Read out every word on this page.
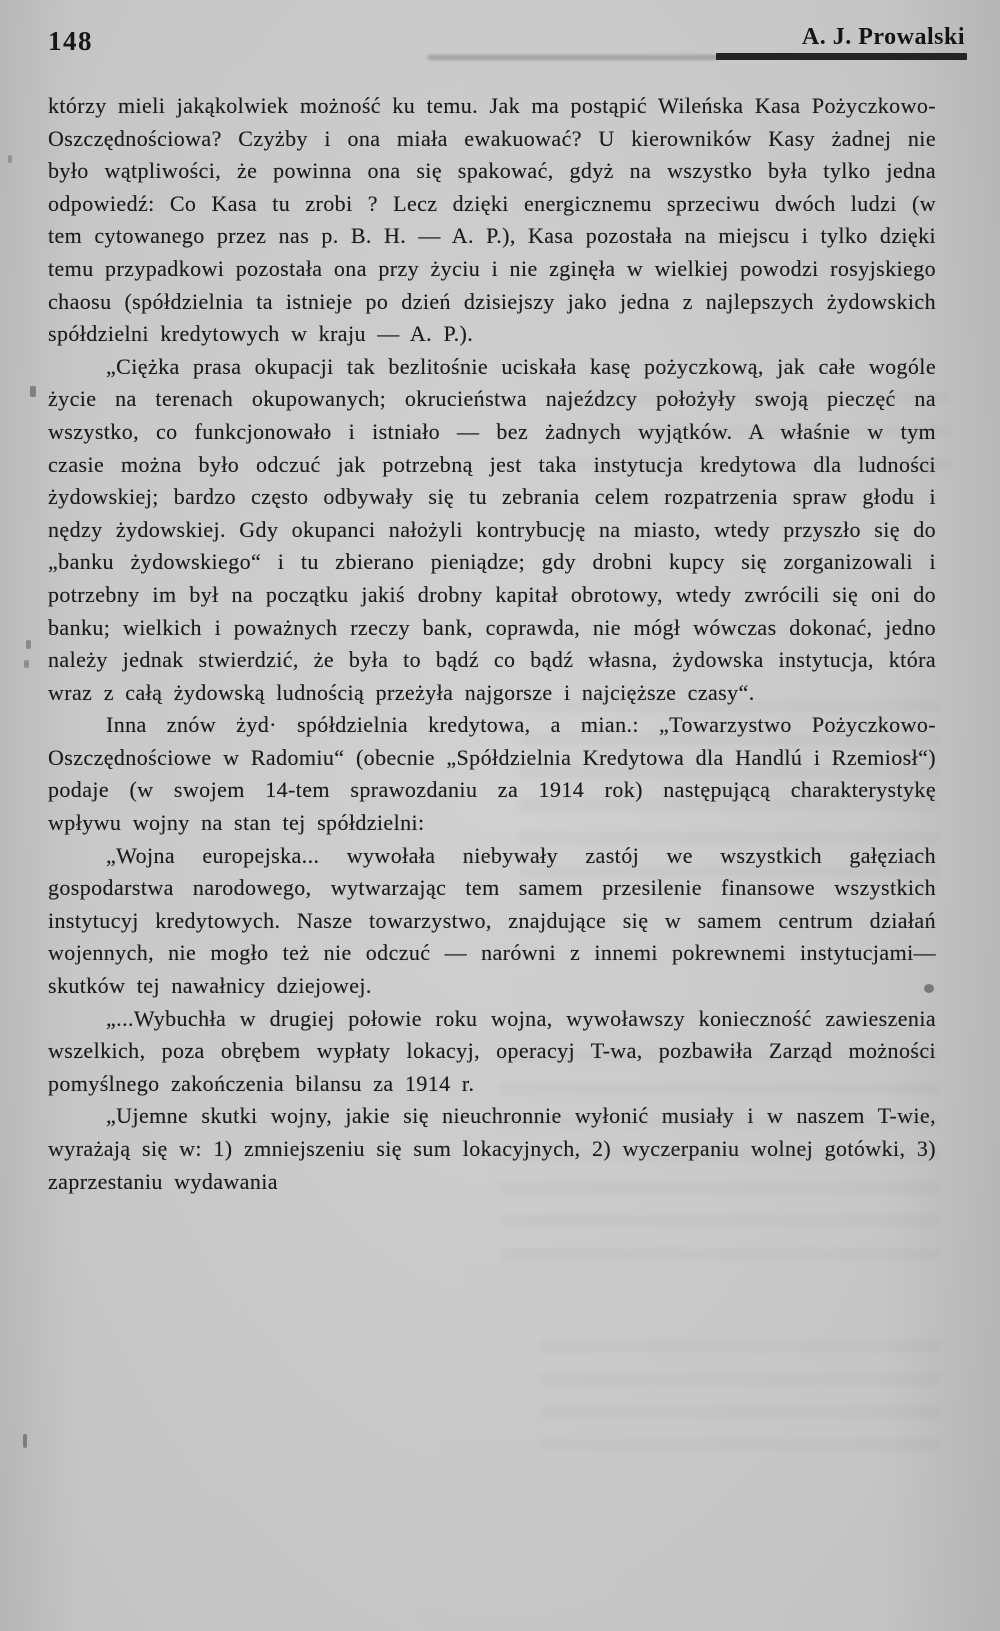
148	A. J. Prowalski

którzy mieli jakąkolwiek możność ku temu. Jak ma postąpić Wileńska Kasa Pożyczkowo-Oszczędnościowa? Czyżby i ona miała ewakuować? U kierowników Kasy żadnej nie było wątpliwości, że powinna ona się spakować, gdyż na wszystko była tylko jedna odpowiedź: Co Kasa tu zrobi ? Lecz dzięki energicznemu sprzeciwu dwóch ludzi (w tem cytowanego przez nas p. B. H. — A. P.), Kasa pozostała na miejscu i tylko dzięki temu przypadkowi pozostała ona przy życiu i nie zginęła w wielkiej powodzi rosyjskiego chaosu (spółdzielnia ta istnieje po dzień dzisiejszy jako jedna z najlepszych żydowskich spółdzielni kredytowych w kraju — A. P.).

„Ciężka prasa okupacji tak bezlitośnie uciskała kasę pożyczkową, jak całe wogóle życie na terenach okupowanych; okrucieństwa najeźdzcy położyły swoją pieczęć na wszystko, co funkcjonowało i istniało — bez żadnych wyjątków. A właśnie w tym czasie można było odczuć jak potrzebną jest taka instytucja kredytowa dla ludności żydowskiej; bardzo często odbywały się tu zebrania celem rozpatrzenia spraw głodu i nędzy żydowskiej. Gdy okupanci nałożyli kontrybucję na miasto, wtedy przyszło się do „banku żydowskiego“ i tu zbierano pieniądze; gdy drobni kupcy się zorganizowali i potrzebny im był na początku jakiś drobny kapitał obrotowy, wtedy zwrócili się oni do banku; wielkich i poważnych rzeczy bank, coprawda, nie mógł wówczas dokonać, jedno należy jednak stwierdzić, że była to bądź co bądź własna, żydowska instytucja, która wraz z całą żydowską ludnością przeżyła najgorsze i najcięższe czasy“.

Inna znów żyd· spółdzielnia kredytowa, a mian.: „Towarzystwo Pożyczkowo-Oszczędnościowe w Radomiu“ (obecnie „Spółdzielnia Kredytowa dla Handlú i Rzemiosł“) podaje (w swojem 14-tem sprawozdaniu za 1914 rok) następującą charakterystykę wpływu wojny na stan tej spółdzielni:

„Wojna europejska... wywołała niebywały zastój we wszystkich gałęziach gospodarstwa narodowego, wytwarzając tem samem przesilenie finansowe wszystkich instytucyj kredytowych. Nasze towarzystwo, znajdujące się w samem centrum działań wojennych, nie mogło też nie odczuć — narówni z innemi pokrewnemi instytucjami— skutków tej nawałnicy dziejowej.

„...Wybuchła w drugiej połowie roku wojna, wywoławszy konieczność zawieszenia wszelkich, poza obrębem wypłaty lokacyj, operacyj T-wa, pozbawiła Zarząd możności pomyślnego zakończenia bilansu za 1914 r.

„Ujemne skutki wojny, jakie się nieuchronnie wyłonić musiały i w naszem T-wie, wyrażają się w: 1) zmniejszeniu się sum lokacyjnych, 2) wyczerpaniu wolnej gotówki, 3) zaprzestaniu wydawania
